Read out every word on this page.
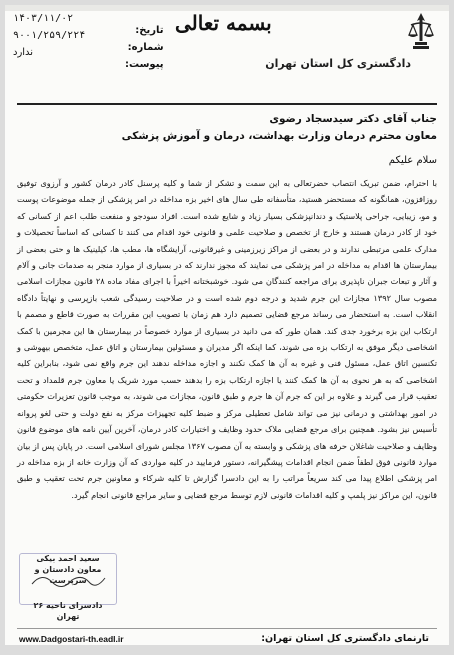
دادگستری کل استان تهران
بسمه تعالی
تاریخ:
شماره:
پیوست:
۱۴۰۳/۱۱/۰۲
۹۰۰۱/۲۵۹/۲۲۴
ندارد
جناب آقای دکتر سیدسجاد رضوی
معاون محترم درمان وزارت بهداشت، درمان و آموزش پزشکی
سلام علیکم
با احترام، ضمن تبریک انتصاب حضرتعالی به این سمت و تشکر از شما و کلیه پرسنل کادر درمان کشور و آرزوی توفیق روزافزون، همانگونه که مستحضر هستید، متأسفانه طی سال های اخیر بزه مداخله در امر پزشکی از جمله موضوعات پوست و مو، زیبایی، جراحی پلاستیک و دندانپزشکی بسیار زیاد و شایع شده است. افراد سودجو و منفعت طلب اعم از کسانی که خود از کادر درمان هستند و خارج از تخصص و صلاحیت علمی و قانونی خود اقدام می کنند تا کسانی که اساساً تحصیلات و مدارک علمی مرتبطی ندارند و در بعضی از مراکز زیرزمینی و غیرقانونی، آرایشگاه ها، مطب ها، کیلینیک ها و حتی بعضی از بیمارستان ها اقدام به مداخله در امر پزشکی می نمایند که مجوز ندارند که در بسیاری از موارد منجر به صدمات جانی و آلام و آثار و تبعات جبران ناپذیری برای مراجعه کنندگان می شود. خوشبختانه اخیراً با اجرای مفاد ماده ۲۸ قانون مجازات اسلامی مصوب سال ۱۳۹۲ مجازات این جرم شدید و درجه دوم شده است و در صلاحیت رسیدگی شعب بازپرسی و نهایتاً دادگاه انقلاب است. به استحضار می رساند مرجع قضایی تصمیم دارد هم زمان با تصویب این مقررات به صورت قاطع و مصمم با ارتکاب این بزه برخورد جدی کند. همان طور که می دانید در بسیاری از موارد خصوصاً در بیمارستان ها این مجرمین با کمک اشخاصی دیگر موفق به ارتکاب بزه می شوند، کما اینکه اگر مدیران و مسئولین بیمارستان و اتاق عمل، متخصص بیهوشی و تکنسین اتاق عمل، مسئول فنی و غیره به آن ها کمک نکنند و اجازه مداخله ندهند این جرم واقع نمی شود، بنابراین کلیه اشخاصی که به هر نحوی به آن ها کمک کنند یا اجازه ارتکاب بزه را بدهند حسب مورد شریک یا معاون جرم قلمداد و تحت تعقیب قرار می گیرند و علاوه بر این که جرم آن ها جرم و طبق قانون، مجازات می شوند، به موجب قانون تعزیرات حکومتی در امور بهداشتی و درمانی نیز می تواند شامل تعطیلی مرکز و ضبط کلیه تجهیزات مرکز به نفع دولت و حتی لغو پروانه تأسیس نیز بشود. همچنین برای مرجع قضایی ملاک حدود وظایف و اختیارات کادر درمان، آخرین آیین نامه های موضوع قانون وظایف و صلاحیت شاغلان حرفه های پزشکی و وابسته به آن مصوب ۱۳۶۷ مجلس شورای اسلامی است. در پایان پس از بیان موارد قانونی فوق لطفاً ضمن انجام اقدامات پیشگیرانه، دستور فرمایید در کلیه مواردی که آن وزارت خانه از بزه مداخله در امر پزشکی اطلاع پیدا می کند سریعاً مراتب را به این دادسرا گزارش تا کلیه شرکاء و معاونین جرم تحت تعقیب و طبق قانون، این مراکز نیز پلمپ و کلیه اقدامات قانونی لازم توسط مرجع قضایی و سایر مراجع قانونی انجام گیرد.
سعید احمد بیکی
معاون دادستان و سرپرست
دادسرای ناحیه ۲۶ تهران
تارنمای دادگستری کل استان تهران:
www.Dadgostari-th.eadl.ir
